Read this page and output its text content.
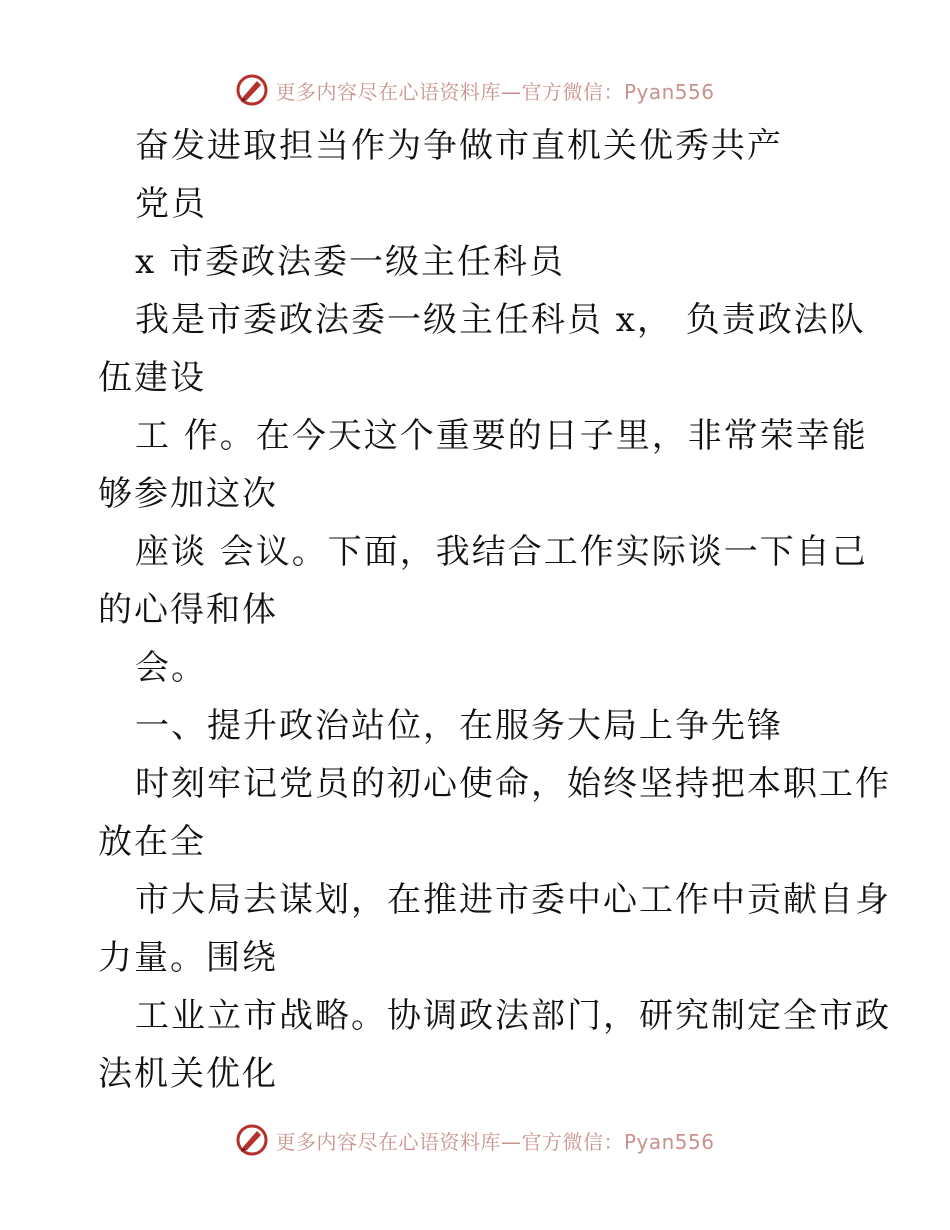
更多内容尽在心语资料库—官方微信：Pyan556
奋发进取担当作为争做市直机关优秀共产
党员
x 市委政法委一级主任科员
我是市委政法委一级主任科员 x， 负责政法队
伍建设
工 作。在今天这个重要的日子里，非常荣幸能
够参加这次
座谈 会议。下面，我结合工作实际谈一下自己
的心得和体
会。
一、提升政治站位，在服务大局上争先锋
时刻牢记党员的初心使命，始终坚持把本职工作
放在全
市大局去谋划，在推进市委中心工作中贡献自身
力量。围绕
工业立市战略。协调政法部门，研究制定全市政
法机关优化
更多内容尽在心语资料库—官方微信：Pyan556
